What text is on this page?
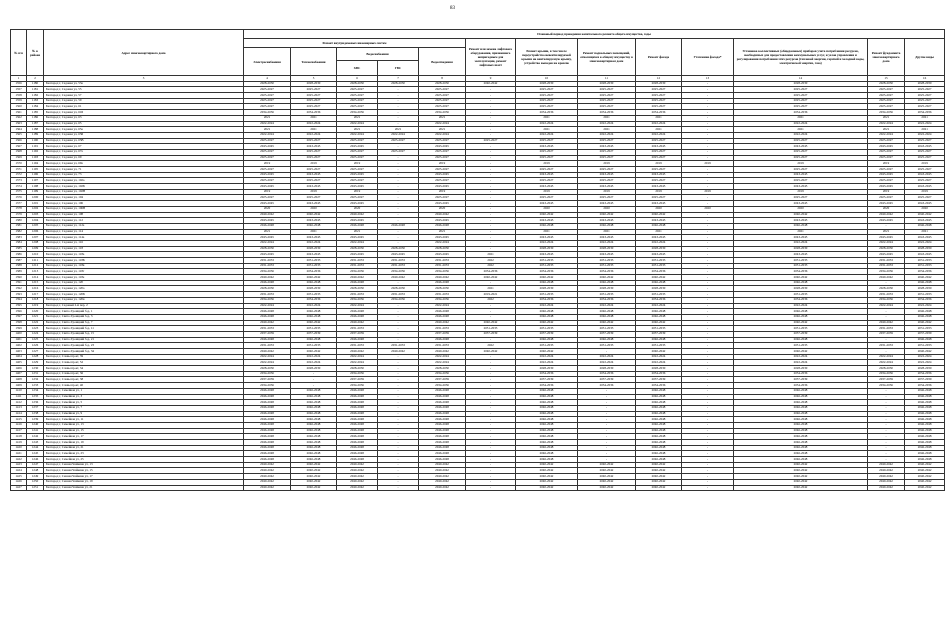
83
№ п/п	№ в районе	Адрес многоквартирного дома	Плановый период проведения капитального ремонта общего имущества, годы												
			Ремонт внутридомовых инженерных систем					Ремонт или замена лифтового оборудования, признанного непригодным для эксплуатации, ремонт лифтовых шахт	Ремонт крыши, в том числе переустройство невентилируемой крыши на вентилируемую крышу, устройство выходов на кровлю	Ремонт подвальных помещений, относящихся к общему имуществу в многоквартирном доме	Ремонт фасада	Утепление фасада*	Установка коллективных (общедомовых) приборов учета потребления ресурсов, необходимых для предоставления коммунальных услуг, и узлов управления и регулирования потребления этих ресурсов (тепловой энергии, горячей и холодной воды, электрической энергии, газа)	Ремонт фундамента многоквартирного дома	Другие виды
			Электроснабжения	Теплоснабжения	Водоснабжения		Водоотведения								
					ХВС	ГВС									
1	2	3	4	5	6	7	8	9	10	11	12	13	14	15	16
1356	1180	Белгород г, Садовая ул, 53а	2028-2030	2028-2030	2028-2030	2028-2030	2028-2030	2040-2042	2028-2030	2028-2030	2028-2030	-	2028-2030	2028-2030	2028-2030
1357	1181	Белгород г, Садовая ул, 55	2025-2027	2025-2027	2025-2027	-	2025-2027	-	2025-2027	2025-2027	2025-2027	-	2025-2027	2025-2027	2025-2027
1358	1182	Белгород г, Садовая ул, 57	2025-2027	2025-2027	2025-2027	-	2025-2027	-	2025-2027	2025-2027	2025-2027	-	2025-2027	2025-2027	2025-2027
1359	1183	Белгород г, Садовая ул, 59	2025-2027	2025-2027	2025-2027	-	2025-2027	-	2025-2027	2025-2027	2025-2027	-	2025-2027	2025-2027	2025-2027
1360	1184	Белгород г, Садовая ул, 61	2025-2027	2025-2027	2025-2027	-	2025-2027	-	2025-2027	2025-2027	2025-2027	-	2025-2027	2025-2027	2025-2027
1361	1185	Белгород г, Садовая ул, 61Б	2034-2036	2034-2036	2034-2036	-	2034-2036	-	2034-2036	2034-2036	2034-2036	-	2034-2036	2034-2036	2034-2036
1362	1186	Белгород г, Садовая ул, 63	2021	2021	2021	-	2021	-	2021	2021	2021	-	2021	2021	2021
1363	1187	Белгород г, Садовая ул, 65	2022-2024	2022-2024	2022-2024	-	2022-2024	-	2022-2024	2022-2024	2022-2024	-	2022-2024	2022-2024	2022-2024
1364	1188	Белгород г, Садовая ул, 65а	2021	2021	2021	2021	2021	-	2021	2021	2021	-	2021	2021	2021
1365	1189	Белгород г, Садовая ул, 65Б	2022-2024	2022-2024	2022-2024	2022-2024	2022-2024	-	2022-2024	2022-2024	2022-2024	-	2022-2024	2022-2024	2022-2024
1366	1190	Белгород г, Садовая ул, 65В	2025-2027	2025-2027	2025-2027	2025-2027	2025-2027	2025-2027	2025-2027	2025-2027	2025-2027	-	2025-2027	2025-2027	2025-2027
1367	1191	Белгород г, Садовая ул, 67	2043-2045	2043-2045	2043-2045	-	2043-2045	-	2043-2045	2043-2045	2043-2045	-	2043-2045	2043-2045	2043-2045
1368	1192	Белгород г, Садовая ул, 67а	2025-2027	2025-2027	2025-2027	2025-2027	2025-2027	-	2025-2027	2025-2027	2025-2027	-	2025-2027	2025-2027	2025-2027
1369	1193	Белгород г, Садовая ул, 69	2025-2027	2025-2027	2025-2027	-	2025-2027	-	2025-2027	2025-2027	2025-2027	-	2025-2027	2025-2027	2025-2027
1370	1194	Белгород г, Садовая ул, 69а	2019	2019	2019	-	2019	-	2019	2019	2019	2019	2019	2019	2019
1371	1195	Белгород г, Садовая ул, 71	2025-2027	2025-2027	2025-2027	-	2025-2027	-	2025-2027	2025-2027	2025-2027	-	2025-2027	2025-2027	2025-2027
1372	1196	Белгород г, Садовая ул, 73	2043-2045	2043-2045	2043-2045	-	2043-2045	-	2043-2045	2043-2045	2043-2045	-	2043-2045	2043-2045	2043-2045
1373	1197	Белгород г, Садовая ул, 102а	2025-2027	2025-2027	2025-2027	-	2025-2027	-	2025-2027	2025-2027	2025-2027	-	2025-2027	2025-2027	2025-2027
1374	1198	Белгород г, Садовая ул, 102Б	2043-2045	2043-2045	2043-2045	-	2043-2045	-	2043-2045	2043-2045	2043-2045	-	2043-2045	2043-2045	2043-2045
1375	1199	Белгород г, Садовая ул, 102В	2019	2019	2019	-	2019	-	2019	2019	2019	2019	2019	2019	2019
1376	1200	Белгород г, Садовая ул, 104	2025-2027	2025-2027	2025-2027	-	2025-2027	-	2025-2027	2025-2027	2025-2027	-	2025-2027	2025-2027	2025-2027
1377	1201	Белгород г, Садовая ул, 106	2043-2045	2043-2045	2043-2045	-	2043-2045	-	2043-2045	2043-2045	2043-2045	-	2043-2045	2043-2045	2043-2045
1378	1202	Белгород г, Садовая ул, 106В	2020	2020	2020	-	2020	-	2020	2020	2020	2020	2020	2020	2020
1379	1203	Белгород г, Садовая ул, 108	2040-2042	2040-2042	2040-2042	-	2040-2042	-	2040-2042	2040-2042	2040-2042	-	2040-2042	2040-2042	2040-2042
1380	1204	Белгород г, Садовая ул, 112	2043-2045	2043-2045	2043-2045	-	2043-2045	-	2043-2045	2043-2045	2043-2045	-	2043-2045	2043-2045	2043-2045
1381	1205	Белгород г, Садовая ул, 112а	2046-2048	2046-2048	2046-2048	2046-2048	2046-2048	-	2046-2048	2046-2048	2046-2048	-	2046-2048	-	2046-2048
1382	1206	Белгород г, Садовая ул, 114	2021	2021	2021	-	2021	-	2021	2021	2021	-	2021	2021	2021
1383	1207	Белгород г, Садовая ул, 114а	2043-2045	2043-2045	2043-2045	-	2043-2045	-	2043-2045	2043-2045	2043-2045	-	2043-2045	2043-2045	2043-2045
1384	1208	Белгород г, Садовая ул, 116	2022-2024	2022-2024	2022-2024	-	2022-2024	-	2022-2024	2022-2024	2022-2024	-	2022-2024	2022-2024	2022-2024
1385	1209	Белгород г, Садовая ул, 118	2028-2030	2028-2030	2028-2030	2028-2030	2028-2030	-	2028-2030	2028-2030	2028-2030	-	2028-2030	2028-2030	2028-2030
1386	1210	Белгород г, Садовая ул, 118а	2043-2045	2043-2045	2043-2045	2043-2045	2043-2045	2021	2043-2045	2043-2045	2043-2045	-	2043-2045	2043-2045	2043-2045
1387	1211	Белгород г, Садовая ул, 118Б	2031-2033	2031-2033	2031-2033	2031-2033	2031-2033	2022	2031-2033	2031-2033	2031-2033	-	2031-2033	2031-2033	2031-2033
1388	1212	Белгород г, Садовая ул, 118в	2031-2033	2031-2033	2031-2033	2031-2033	2031-2033	2022	2031-2033	2031-2033	2031-2033	-	2031-2033	2031-2033	2031-2033
1389	1213	Белгород г, Садовая ул, 118г	2034-2036	2034-2036	2034-2036	2034-2036	2034-2036	2034-2036	2034-2036	2034-2036	2034-2036	-	2034-2036	2034-2036	2034-2036
1390	1214	Белгород г, Садовая ул, 118е	2040-2042	2040-2042	2040-2042	2040-2042	2040-2042	2040-2042	2040-2042	2040-2042	2040-2042	-	2040-2042	2040-2042	2040-2042
1391	1215	Белгород г, Садовая ул, 120	2046-2048	2046-2048	2046-2048	-	2046-2048	-	2046-2048	2046-2048	2046-2048	-	2046-2048	-	2046-2048
1392	1216	Белгород г, Садовая ул, 120а	2028-2030	2028-2030	2028-2030	2028-2030	2028-2030	2021	2028-2030	2028-2030	2028-2030	-	2028-2030	2028-2030	2028-2030
1393	1217	Белгород г, Садовая ул, 120Б	2031-2033	2031-2033	2031-2033	2031-2033	2031-2033	2019-2021	2031-2033	2031-2033	2031-2033	-	2031-2033	2031-2033	2031-2033
1394	1218	Белгород г, Садовая ул, 120в	2034-2036	2034-2036	2034-2036	2034-2036	2034-2036	2022	2034-2036	2034-2036	2034-2036	-	2034-2036	2034-2036	2034-2036
1395	1219	Белгород г, Садовый 2-й пер, 2	2022-2024	2022-2024	2022-2024	-	2022-2024	-	2022-2024	2022-2024	2022-2024	-	2022-2024	2022-2024	2022-2024
1396	1220	Белгород г, Свято-Троицкий б-р, 1	2046-2048	2046-2048	2046-2048	-	2046-2048	-	2046-2048	2046-2048	2046-2048	-	2046-2048	-	2046-2048
1397	1221	Белгород г, Свято-Троицкий б-р, 3	2046-2048	2046-2048	2046-2048	-	2046-2048	-	2046-2048	2046-2048	2046-2048	-	2046-2048	-	2046-2048
1398	1222	Белгород г, Свято-Троицкий б-р, 7	2040-2042	2040-2042	2040-2042	-	2040-2042	2040-2042	2040-2042	2040-2042	2040-2042	-	2040-2042	2040-2042	2040-2042
1399	1223	Белгород г, Свято-Троицкий б-р, 11	2031-2033	2031-2033	2031-2033	-	2031-2033	2031-2033	2031-2033	2031-2033	2031-2033	-	2031-2033	2031-2033	2031-2033
1400	1224	Белгород г, Свято-Троицкий б-р, 15	2037-2039	2037-2039	2037-2039	-	2037-2039	2037-2039	2037-2039	2037-2039	2037-2039	-	2037-2039	2037-2039	2037-2039
1401	1225	Белгород г, Свято-Троицкий б-р, 21	2046-2048	2046-2048	2046-2048	-	2046-2048	-	2046-2048	2046-2048	2046-2048	-	2046-2048	-	2046-2048
1402	1226	Белгород г, Свято-Троицкий б-р, 23	2031-2033	2031-2033	2031-2033	2031-2033	2031-2033	2022	2031-2033	2031-2033	2031-2033	-	2031-2033	2031-2033	2031-2033
1403	1227	Белгород г, Свято-Троицкий б-р, 34	2040-2042	2040-2042	2040-2042	2040-2042	2040-2042	2040-2042	2040-2042	-	2040-2042	-	2040-2042	-	2040-2042
1404	1228	Белгород г, Славы пр-кт, 39	2022-2024	2022-2024	2022-2024	-	2022-2024	-	2022-2024	2022-2024	2022-2024	-	2022-2024	2022-2024	2022-2024
1405	1229	Белгород г, Славы пр-кт, 52	2022-2024	2022-2024	2022-2024	-	2022-2024	-	2022-2024	2022-2024	2022-2024	-	2022-2024	2022-2024	2022-2024
1406	1230	Белгород г, Славы пр-кт, 34	2028-2030	2028-2030	2028-2030	-	2028-2030	-	2028-2030	2028-2030	2028-2030	-	2028-2030	2028-2030	2028-2030
1407	1231	Белгород г, Славы пр-кт, 36	2034-2036	-	2034-2036	-	2034-2036	-	2034-2036	2034-2036	2034-2036	-	2034-2036	2034-2036	2034-2036
1408	1232	Белгород г, Славы пр-кт, 38	2037-2039	-	2037-2039	-	2037-2039	-	2037-2039	2037-2039	2037-2039	-	2037-2039	2037-2039	2037-2039
1409	1233	Белгород г, Славы пр-кт, 40	2034-2036	-	2034-2036	-	2034-2036	-	2034-2036	2034-2036	2034-2036	-	2034-2036	2034-2036	2034-2036
1410	1234	Белгород г, Семейная ул, 1	2046-2048	2046-2048	2046-2048	-	2046-2048	-	2046-2048	-	2046-2048	-	2046-2048	-	2046-2048
1411	1235	Белгород г, Семейная ул, 3	2046-2048	2046-2048	2046-2048	-	2046-2048	-	2046-2048	-	2046-2048	-	2046-2048	-	2046-2048
1412	1236	Белгород г, Семейная ул, 5	2046-2048	2046-2048	2046-2048	-	2046-2048	-	2046-2048	-	2046-2048	-	2046-2048	-	2046-2048
1413	1237	Белгород г, Семейная ул, 7	2046-2048	2046-2048	2046-2048	-	2046-2048	-	2046-2048	-	2046-2048	-	2046-2048	-	2046-2048
1414	1238	Белгород г, Семейная ул, 9	2046-2048	2046-2048	2046-2048	-	2046-2048	-	2046-2048	-	2046-2048	-	2046-2048	-	2046-2048
1415	1239	Белгород г, Семейная ул, 11	2046-2048	2046-2048	2046-2048	-	2046-2048	-	2046-2048	-	2046-2048	-	2046-2048	-	2046-2048
1416	1240	Белгород г, Семейная ул, 13	2046-2048	2046-2048	2046-2048	-	2046-2048	-	2046-2048	-	2046-2048	-	2046-2048	-	2046-2048
1417	1241	Белгород г, Семейная ул, 15	2046-2048	2046-2048	2046-2048	-	2046-2048	-	2046-2048	-	2046-2048	-	2046-2048	-	2046-2048
1418	1242	Белгород г, Семейная ул, 17	2046-2048	2046-2048	2046-2048	-	2046-2048	-	2046-2048	-	2046-2048	-	2046-2048	-	2046-2048
1419	1243	Белгород г, Семейная ул, 19	2046-2048	2046-2048	2046-2048	-	2046-2048	-	2046-2048	-	2046-2048	-	2046-2048	-	2046-2048
1420	1244	Белгород г, Семейная ул, 21	2046-2048	2046-2048	2046-2048	-	2046-2048	-	2046-2048	-	2046-2048	-	2046-2048	-	2046-2048
1421	1245	Белгород г, Семейная ул, 23	2046-2048	2046-2048	2046-2048	-	2046-2048	-	2046-2048	-	2046-2048	-	2046-2048	-	2046-2048
1422	1246	Белгород г, Семейная ул, 25	2046-2048	2046-2048	2046-2048	-	2046-2048	-	2046-2048	-	2046-2048	-	2046-2048	-	2046-2048
1423	1247	Белгород г, Сенная Чайкина ул, 13	2040-2042	2040-2042	2040-2042	-	2040-2042	-	2040-2042	2040-2042	2040-2042	-	2040-2042	2040-2042	2040-2042
1424	1248	Белгород г, Сенная Чайкина ул, 15	2040-2042	2040-2042	2040-2042	-	2040-2042	-	2040-2042	2040-2042	2040-2042	-	2040-2042	2040-2042	2040-2042
1425	1249	Белгород г, Сенная Чайкина ул, 17	2040-2042	2040-2042	2040-2042	-	2040-2042	-	2040-2042	2040-2042	2040-2042	-	2040-2042	2040-2042	2040-2042
1426	1250	Белгород г, Сенная Чайкина ул, 19	2040-2042	2040-2042	2040-2042	-	2040-2042	-	2040-2042	2040-2042	2040-2042	-	2040-2042	2040-2042	2040-2042
1427	1251	Белгород г, Сенная Чайкина ул, 21	2040-2042	2040-2042	2040-2042	-	2040-2042	-	2040-2042	2040-2042	2040-2042	-	2040-2042	2040-2042	2040-2042
